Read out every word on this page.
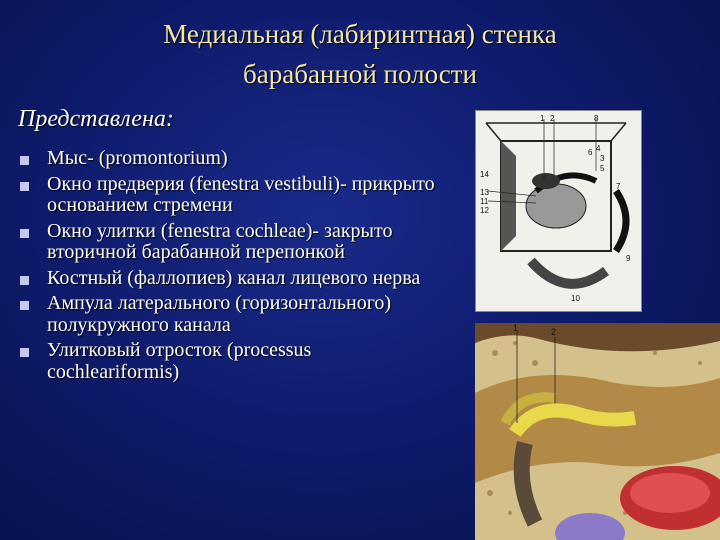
Медиальная (лабиринтная) стенка
барабанной полости
Представлена:
Мыс- (promontorium)
Окно предверия (fenestra vestibuli)- прикрыто основанием стремени
Окно улитки (fenestra cochleae)- закрыто вторичной барабанной перепонкой
Костный (фаллопиев) канал лицевого нерва
Ампула латерального (горизонтального) полукружного канала
Улитковый отросток (processus cochleariformis)
1 2	8
6 4
3
5
14
13
11
12
7
9
10
1	2
